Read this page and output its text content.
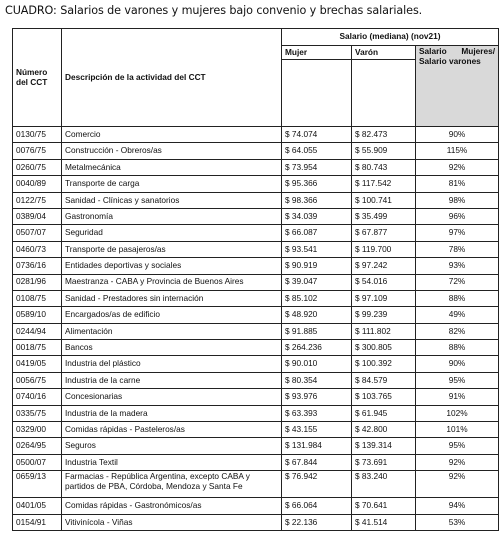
CUADRO: Salarios de varones y mujeres bajo convenio y brechas salariales.
Número del CCT	Descripción de la actividad del CCT	Salario (mediana) (nov21)		
		Mujer	Varón	Salario Mujeres/ Salario varones

0130/75	Comercio	$ 74.074	$ 82.473	90%
0076/75	Construcción - Obreros/as	$ 64.055	$ 55.909	115%
0260/75	Metalmecánica	$ 73.954	$ 80.743	92%
0040/89	Transporte de carga	$ 95.366	$ 117.542	81%
0122/75	Sanidad - Clínicas y sanatorios	$ 98.366	$ 100.741	98%
0389/04	Gastronomía	$ 34.039	$ 35.499	96%
0507/07	Seguridad	$ 66.087	$ 67.877	97%
0460/73	Transporte de pasajeros/as	$ 93.541	$ 119.700	78%
0736/16	Entidades deportivas y sociales	$ 90.919	$ 97.242	93%
0281/96	Maestranza - CABA y Provincia de Buenos Aires	$ 39.047	$ 54.016	72%
0108/75	Sanidad - Prestadores sin internación	$ 85.102	$ 97.109	88%
0589/10	Encargados/as de edificio	$ 48.920	$ 99.239	49%
0244/94	Alimentación	$ 91.885	$ 111.802	82%
0018/75	Bancos	$ 264.236	$ 300.805	88%
0419/05	Industria del plástico	$ 90.010	$ 100.392	90%
0056/75	Industria de la carne	$ 80.354	$ 84.579	95%
0740/16	Concesionarias	$ 93.976	$ 103.765	91%
0335/75	Industria de la madera	$ 63.393	$ 61.945	102%
0329/00	Comidas rápidas - Pasteleros/as	$ 43.155	$ 42.800	101%
0264/95	Seguros	$ 131.984	$ 139.314	95%
0500/07	Industria Textil	$ 67.844	$ 73.691	92%
0659/13	Farmacias - República Argentina, excepto CABA y partidos de PBA, Córdoba, Mendoza y Santa Fe	$ 76.942	$ 83.240	92%
0401/05	Comidas rápidas - Gastronómicos/as	$ 66.064	$ 70.641	94%
0154/91	Vitivinícola - Viñas	$ 22.136	$ 41.514	53%
